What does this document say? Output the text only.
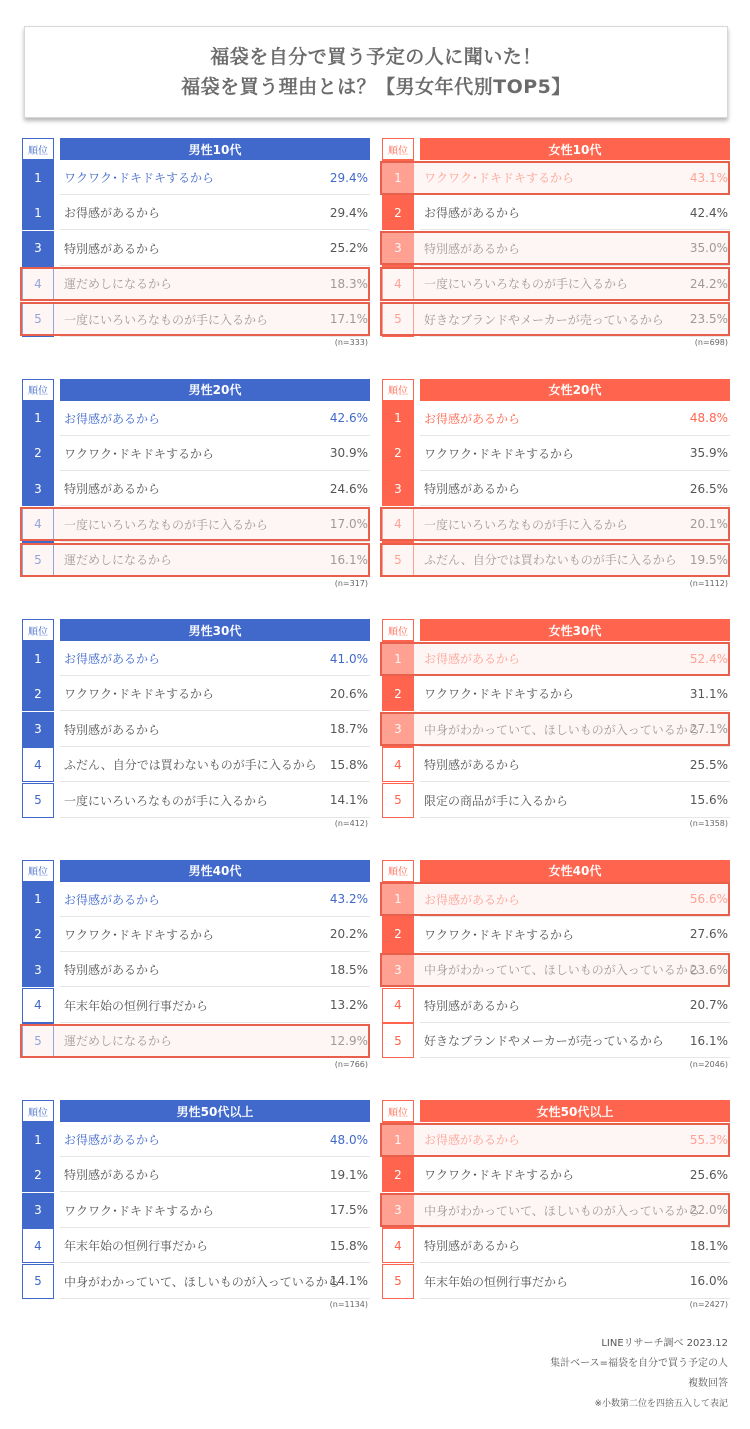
福袋を自分で買う予定の人に聞いた！
福袋を買う理由とは？【男女年代別TOP5】
順位	男性10代
1	ワクワク･ドキドキするから	29.4%
1	お得感があるから	29.4%
3	特別感があるから	25.2%
4	運だめしになるから	18.3%
5	一度にいろいろなものが手に入るから	17.1%
(n=333)
順位	女性10代
1	ワクワク･ドキドキするから	43.1%
2	お得感があるから	42.4%
3	特別感があるから	35.0%
4	一度にいろいろなものが手に入るから	24.2%
5	好きなブランドやメーカーが売っているから	23.5%
(n=698)
順位	男性20代
1	お得感があるから	42.6%
2	ワクワク･ドキドキするから	30.9%
3	特別感があるから	24.6%
4	一度にいろいろなものが手に入るから	17.0%
5	運だめしになるから	16.1%
(n=317)
順位	女性20代
1	お得感があるから	48.8%
2	ワクワク･ドキドキするから	35.9%
3	特別感があるから	26.5%
4	一度にいろいろなものが手に入るから	20.1%
5	ふだん、自分では買わないものが手に入るから 19.5%
(n=1112)
順位	男性30代
1	お得感があるから	41.0%
2	ワクワク･ドキドキするから	20.6%
3	特別感があるから	18.7%
4	ふだん、自分では買わないものが手に入るから 15.8%
5	一度にいろいろなものが手に入るから	14.1%
(n=412)
順位	女性30代
1	お得感があるから	52.4%
2	ワクワク･ドキドキするから	31.1%
3	中身がわかっていて、ほしいものが入っているから
27.1%
4	特別感があるから	25.5%
5	限定の商品が手に入るから	15.6%
(n=1358)
順位	男性40代
1	お得感があるから	43.2%
2	ワクワク･ドキドキするから	20.2%
3	特別感があるから	18.5%
4	年末年始の恒例行事だから	13.2%
5	運だめしになるから	12.9%
(n=766)
順位	女性40代
1	お得感があるから	56.6%
2	ワクワク･ドキドキするから	27.6%
3	中身がわかっていて、ほしいものが入っているから
23.6%
4	特別感があるから	20.7%
5	好きなブランドやメーカーが売っているから	16.1%
(n=2046)
順位	男性50代以上
1	お得感があるから	48.0%
2	特別感があるから	19.1%
3	ワクワク･ドキドキするから	17.5%
4	年末年始の恒例行事だから	15.8%
5	中身がわかっていて、ほしいものが入っているから
14.1%
(n=1134)
順位	女性50代以上
1	お得感があるから	55.3%
2	ワクワク･ドキドキするから	25.6%
3	中身がわかっていて、ほしいものが入っているから
22.0%
4	特別感があるから	18.1%
5	年末年始の恒例行事だから	16.0%
(n=2427)
LINEリサーチ調べ 2023.12
集計ベース=福袋を自分で買う予定の人
複数回答
※小数第二位を四捨五入して表記
